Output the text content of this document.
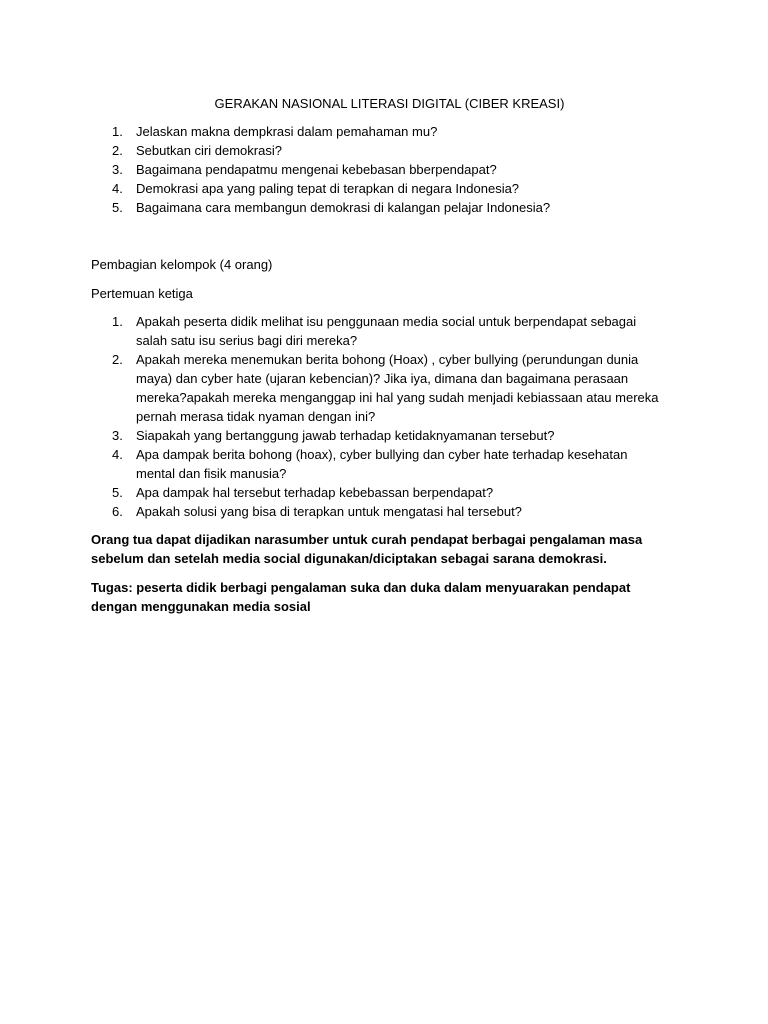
GERAKAN NASIONAL LITERASI DIGITAL (CIBER KREASI)
1. Jelaskan makna dempkrasi dalam pemahaman mu?
2. Sebutkan ciri demokrasi?
3. Bagaimana pendapatmu mengenai kebebasan bberpendapat?
4. Demokrasi apa yang paling tepat di terapkan di negara Indonesia?
5. Bagaimana cara membangun demokrasi di kalangan pelajar Indonesia?

Pembagian kelompok (4 orang)

Pertemuan ketiga

1. Apakah peserta didik melihat isu penggunaan media social untuk berpendapat sebagai salah satu isu serius bagi diri mereka?
2. Apakah mereka menemukan berita bohong (Hoax) , cyber bullying (perundungan dunia maya) dan cyber hate (ujaran kebencian)? Jika iya, dimana dan bagaimana perasaan mereka?apakah mereka menganggap ini hal yang sudah menjadi kebiassaan atau mereka pernah merasa tidak nyaman dengan ini?
3. Siapakah yang bertanggung jawab terhadap ketidaknyamanan tersebut?
4. Apa dampak berita bohong (hoax), cyber bullying dan cyber hate terhadap kesehatan mental dan fisik manusia?
5. Apa dampak hal tersebut terhadap kebebassan berpendapat?
6. Apakah solusi yang bisa di terapkan untuk mengatasi hal tersebut?

Orang tua dapat dijadikan narasumber untuk curah pendapat berbagai pengalaman masa sebelum dan setelah media social digunakan/diciptakan sebagai sarana demokrasi.

Tugas: peserta didik berbagi pengalaman suka dan duka dalam menyuarakan pendapat dengan menggunakan media sosial
